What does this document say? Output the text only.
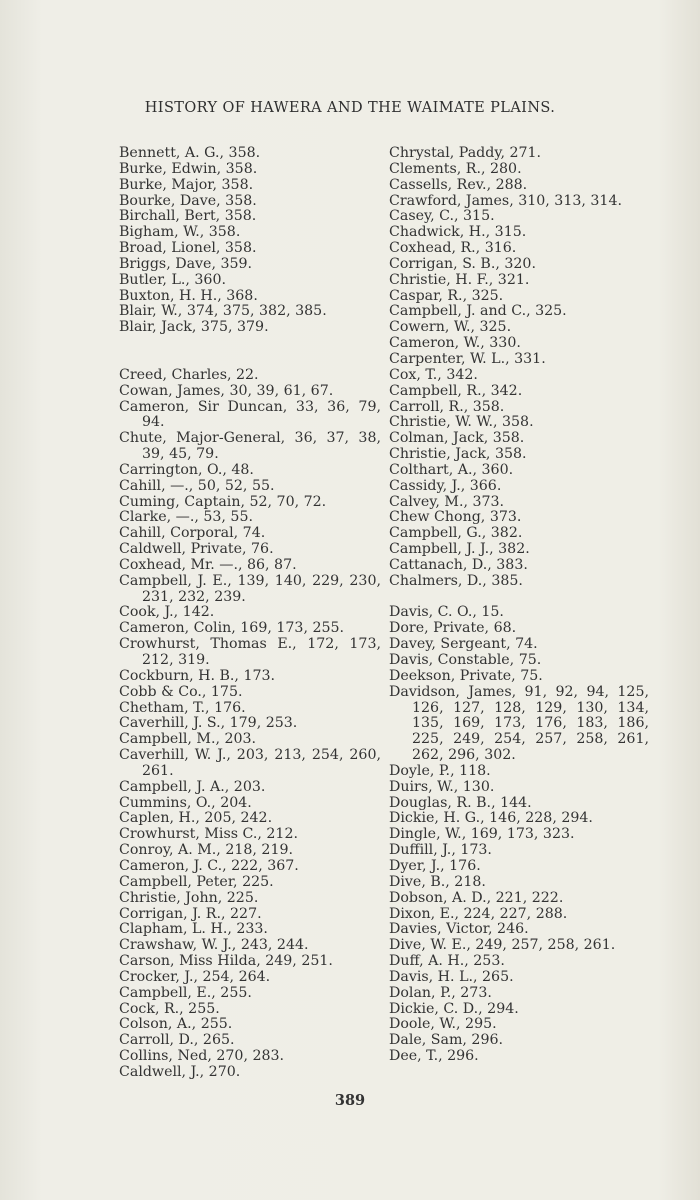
HISTORY OF HAWERA AND THE WAIMATE PLAINS.

Bennett, A. G., 358.

Burke, Edwin, 358.

Burke, Major, 358.

Bourke, Dave, 358.

Birchall, Bert, 358.

Bigham, W., 358.

Broad, Lionel, 358.

Briggs, Dave, 359.

Butler, L., 360.

Buxton, H. H., 368.

Blair, W., 374, 375, 382, 385.

Blair, Jack, 375, 379.

Creed, Charles, 22.

Cowan, James, 30, 39, 61, 67.

Cameron, Sir Duncan, 33, 36, 79, 94.

Chute, Major-General, 36, 37, 38, 39, 45, 79.

Carrington, O., 48.

Cahill, —., 50, 52, 55.

Cuming, Captain, 52, 70, 72.

Clarke, —., 53, 55.

Cahill, Corporal, 74.

Caldwell, Private, 76.

Coxhead, Mr. —., 86, 87.

Campbell, J. E., 139, 140, 229, 230, 231, 232, 239.

Cook, J., 142.

Cameron, Colin, 169, 173, 255.

Crowhurst, Thomas E., 172, 173, 212, 319.

Cockburn, H. B., 173.

Cobb & Co., 175.

Chetham, T., 176.

Caverhill, J. S., 179, 253.

Campbell, M., 203.

Caverhill, W. J., 203, 213, 254, 260, 261.

Campbell, J. A., 203.

Cummins, O., 204.

Caplen, H., 205, 242.

Crowhurst, Miss C., 212.

Conroy, A. M., 218, 219.

Cameron, J. C., 222, 367.

Campbell, Peter, 225.

Christie, John, 225.

Corrigan, J. R., 227.

Clapham, L. H., 233.

Crawshaw, W. J., 243, 244.

Carson, Miss Hilda, 249, 251.

Crocker, J., 254, 264.

Campbell, E., 255.

Cock, R., 255.

Colson, A., 255.

Carroll, D., 265.

Collins, Ned, 270, 283.

Caldwell, J., 270.

Chrystal, Paddy, 271.

Clements, R., 280.

Cassells, Rev., 288.

Crawford, James, 310, 313, 314.

Casey, C., 315.

Chadwick, H., 315.

Coxhead, R., 316.

Corrigan, S. B., 320.

Christie, H. F., 321.

Caspar, R., 325.

Campbell, J. and C., 325.

Cowern, W., 325.

Cameron, W., 330.

Carpenter, W. L., 331.

Cox, T., 342.

Campbell, R., 342.

Carroll, R., 358.

Christie, W. W., 358.

Colman, Jack, 358.

Christie, Jack, 358.

Colthart, A., 360.

Cassidy, J., 366.

Calvey, M., 373.

Chew Chong, 373.

Campbell, G., 382.

Campbell, J. J., 382.

Cattanach, D., 383.

Chalmers, D., 385.

Davis, C. O., 15.

Dore, Private, 68.

Davey, Sergeant, 74.

Davis, Constable, 75.

Deekson, Private, 75.

Davidson, James, 91, 92, 94, 125, 126, 127, 128, 129, 130, 134, 135, 169, 173, 176, 183, 186, 225, 249, 254, 257, 258, 261, 262, 296, 302.

Doyle, P., 118.

Duirs, W., 130.

Douglas, R. B., 144.

Dickie, H. G., 146, 228, 294.

Dingle, W., 169, 173, 323.

Duffill, J., 173.

Dyer, J., 176.

Dive, B., 218.

Dobson, A. D., 221, 222.

Dixon, E., 224, 227, 288.

Davies, Victor, 246.

Dive, W. E., 249, 257, 258, 261.

Duff, A. H., 253.

Davis, H. L., 265.

Dolan, P., 273.

Dickie, C. D., 294.

Doole, W., 295.

Dale, Sam, 296.

Dee, T., 296.

389
